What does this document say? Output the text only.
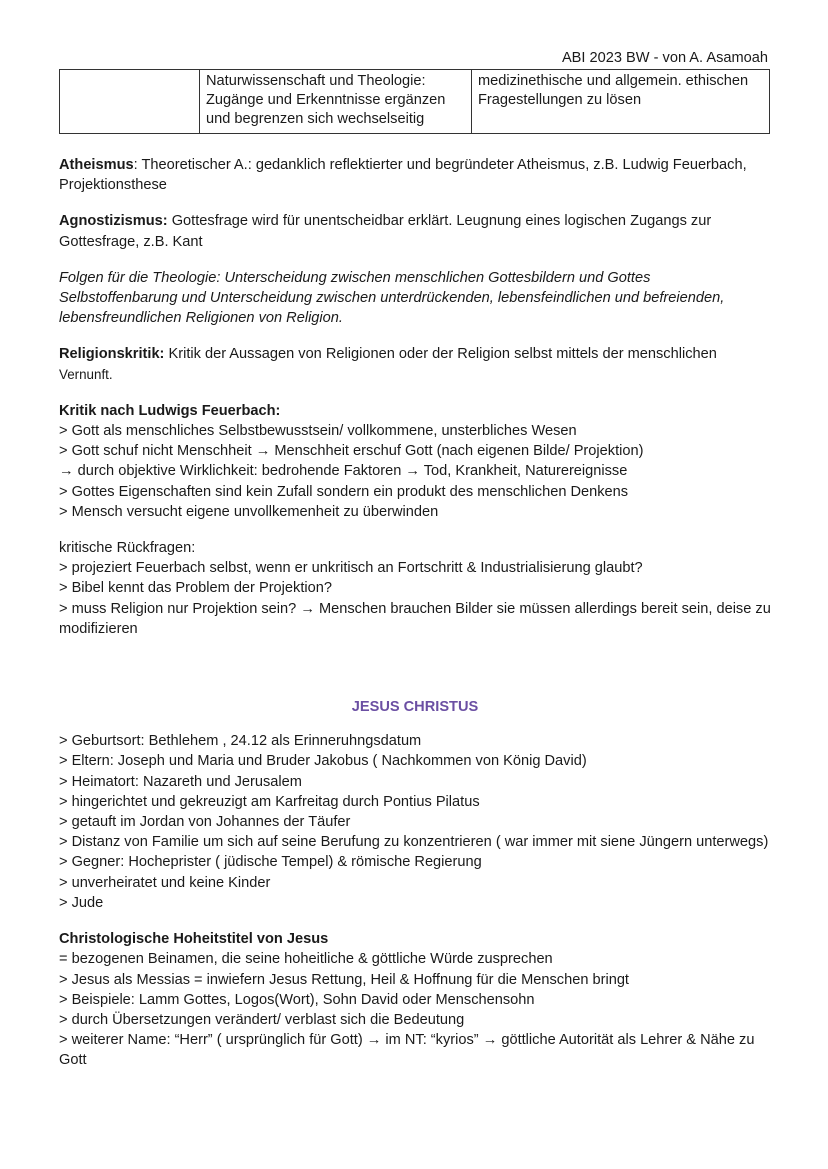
ABI 2023 BW - von A. Asamoah
	Naturwissenschaft und Theologie: Zugänge und Erkenntnisse ergänzen und begrenzen sich wechselseitig	medizinethische und allgemein. ethischen Fragestellungen zu lösen

Atheismus: Theoretischer A.: gedanklich reflektierter und begründeter Atheismus, z.B. Ludwig Feuerbach, Projektionsthese

Agnostizismus: Gottesfrage wird für unentscheidbar erklärt. Leugnung eines logischen Zugangs zur Gottesfrage, z.B. Kant

Folgen für die Theologie: Unterscheidung zwischen menschlichen Gottesbildern und Gottes Selbstoffenbarung und Unterscheidung zwischen unterdrückenden, lebensfeindlichen und befreienden, lebensfreundlichen Religionen von Religion.

Religionskritik: Kritik der Aussagen von Religionen oder der Religion selbst mittels der menschlichen Vernunft.

Kritik nach Ludwigs Feuerbach:

> Gott als menschliches Selbstbewusstsein/ vollkommene, unsterbliches Wesen

> Gott schuf nicht Menschheit → Menschheit erschuf Gott (nach eigenen Bilde/ Projektion)

→ durch objektive Wirklichkeit: bedrohende Faktoren → Tod, Krankheit, Naturereignisse

> Gottes Eigenschaften sind kein Zufall sondern ein produkt des menschlichen Denkens

> Mensch versucht eigene unvollkemenheit zu überwinden

kritische Rückfragen:

> projeziert Feuerbach selbst, wenn er unkritisch an Fortschritt & Industrialisierung glaubt?

> Bibel kennt das Problem der Projektion?

> muss Religion nur Projektion sein? → Menschen brauchen Bilder sie müssen allerdings bereit sein, deise zu modifizieren

JESUS CHRISTUS

> Geburtsort: Bethlehem , 24.12 als Erinneruhngsdatum

> Eltern: Joseph und Maria und Bruder Jakobus ( Nachkommen von König David)

> Heimatort: Nazareth und Jerusalem

> hingerichtet und gekreuzigt am Karfreitag durch Pontius Pilatus

> getauft im Jordan von Johannes der Täufer

> Distanz von Familie um sich auf seine Berufung zu konzentrieren ( war immer mit siene Jüngern unterwegs)

> Gegner: Hocheprister ( jüdische Tempel) & römische Regierung

> unverheiratet und keine Kinder

> Jude

Christologische Hoheitstitel von Jesus

= bezogenen Beinamen, die seine hoheitliche & göttliche Würde zusprechen

> Jesus als Messias = inwiefern Jesus Rettung, Heil & Hoffnung für die Menschen bringt

> Beispiele: Lamm Gottes, Logos(Wort), Sohn David oder Menschensohn

> durch Übersetzungen verändert/ verblast sich die Bedeutung

> weiterer Name: “Herr” ( ursprünglich für Gott) → im NT: “kyrios” → göttliche Autorität als Lehrer & Nähe zu Gott
